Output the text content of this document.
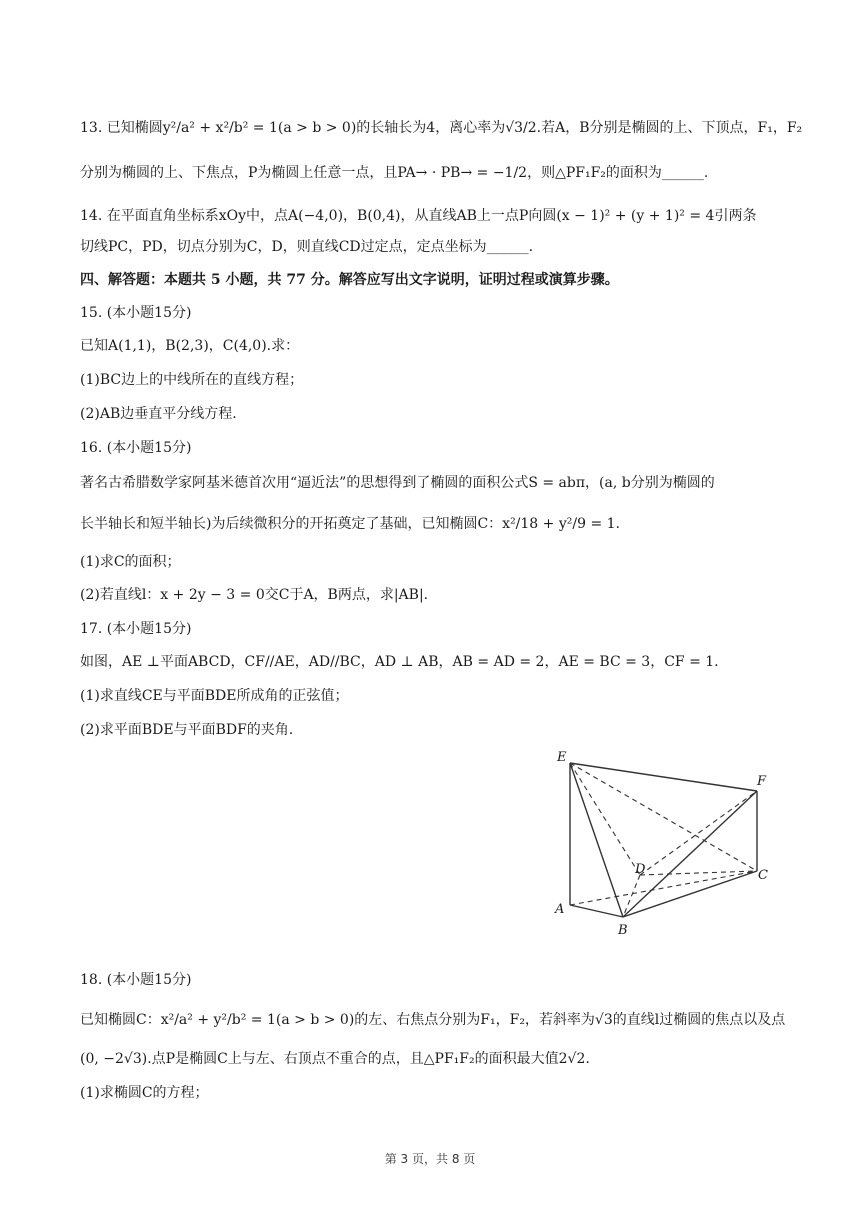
13. 已知椭圆y²/a² + x²/b² = 1(a > b > 0)的长轴长为4，离心率为√3/2.若A，B分别是椭圆的上、下顶点，F₁，F₂
分别为椭圆的上、下焦点，P为椭圆上任意一点，且PA→ · PB→ = −1/2，则△PF₁F₂的面积为______.
14. 在平面直角坐标系xOy中，点A(−4,0)，B(0,4)，从直线AB上一点P向圆(x − 1)² + (y + 1)² = 4引两条
切线PC，PD，切点分别为C，D，则直线CD过定点，定点坐标为______.
四、解答题：本题共 5 小题，共 77 分。解答应写出文字说明，证明过程或演算步骤。
15. (本小题15分)
已知A(1,1)，B(2,3)，C(4,0).求：
(1)BC边上的中线所在的直线方程；
(2)AB边垂直平分线方程.
16. (本小题15分)
著名古希腊数学家阿基米德首次用“逼近法”的思想得到了椭圆的面积公式S = abπ，(a, b分别为椭圆的
长半轴长和短半轴长)为后续微积分的开拓奠定了基础，已知椭圆C：x²/18 + y²/9 = 1.
(1)求C的面积；
(2)若直线l：x + 2y − 3 = 0交C于A，B两点，求|AB|.
17. (本小题15分)
如图，AE ⊥平面ABCD，CF//AE，AD//BC，AD ⊥ AB，AB = AD = 2，AE = BC = 3，CF = 1.
(1)求直线CE与平面BDE所成角的正弦值；
(2)求平面BDE与平面BDF的夹角.
E
F
D	C
A
B
18. (本小题15分)
已知椭圆C：x²/a² + y²/b² = 1(a > b > 0)的左、右焦点分别为F₁，F₂，若斜率为√3的直线l过椭圆的焦点以及点
(0, −2√3).点P是椭圆C上与左、右顶点不重合的点，且△PF₁F₂的面积最大值2√2.
(1)求椭圆C的方程；
第 3 页，共 8 页
